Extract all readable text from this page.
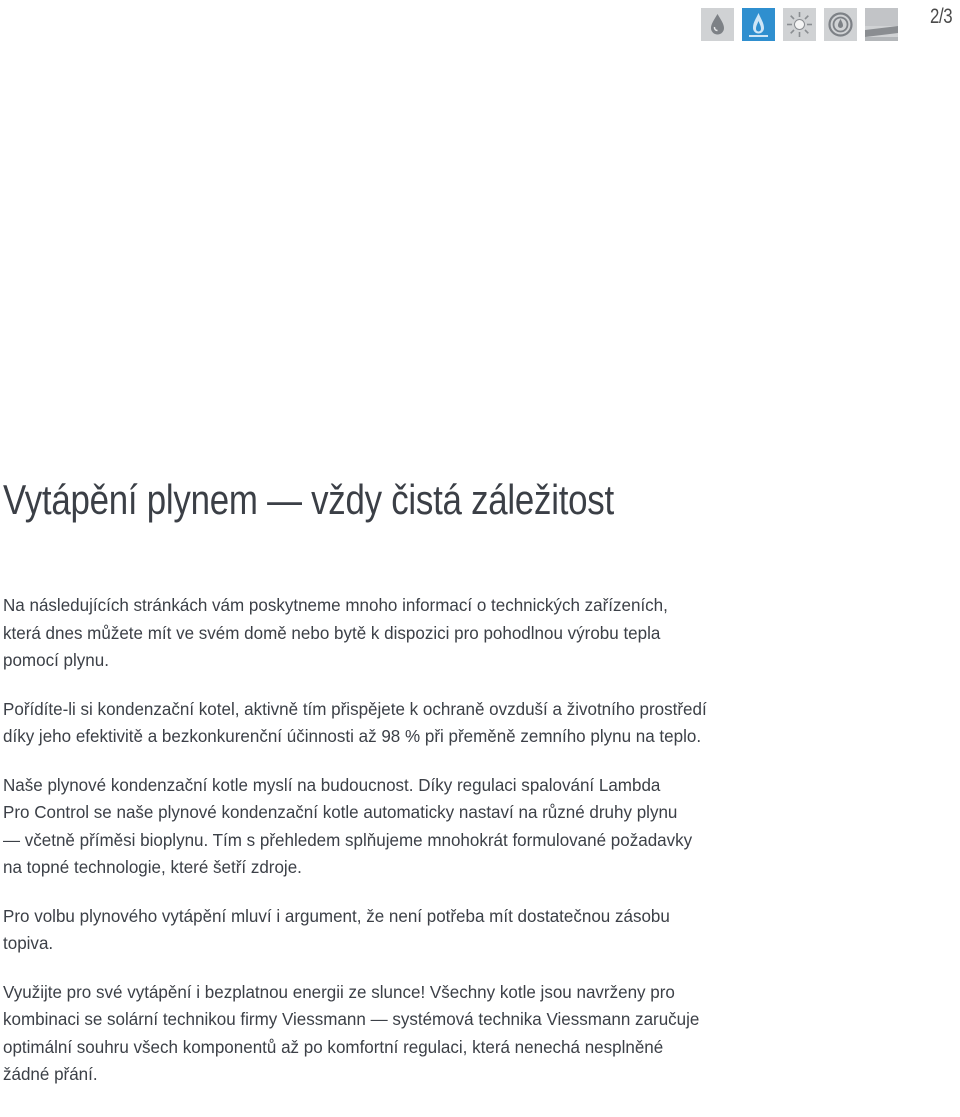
2/3
Vytápění plynem — vždy čistá záležitost

Na následujících stránkách vám poskytneme mnoho informací o technických zařízeních,
která dnes můžete mít ve svém domě nebo bytě k dispozici pro pohodlnou výrobu tepla
pomocí plynu.

Pořídíte-li si kondenzační kotel, aktivně tím přispějete k ochraně ovzduší a životního prostředí
díky jeho efektivitě a bezkonkurenční účinnosti až 98 % při přeměně zemního plynu na teplo.

Naše plynové kondenzační kotle myslí na budoucnost. Díky regulaci spalování Lambda
Pro Control se naše plynové kondenzační kotle automaticky nastaví na různé druhy plynu
— včetně příměsi bioplynu. Tím s přehledem splňujeme mnohokrát formulované požadavky
na topné technologie, které šetří zdroje.

Pro volbu plynového vytápění mluví i argument, že není potřeba mít dostatečnou zásobu
topiva.

Využijte pro své vytápění i bezplatnou energii ze slunce! Všechny kotle jsou navrženy pro
kombinaci se solární technikou firmy Viessmann — systémová technika Viessmann zaručuje
optimální souhru všech komponentů až po komfortní regulaci, která nenechá nesplněné
žádné přání.
